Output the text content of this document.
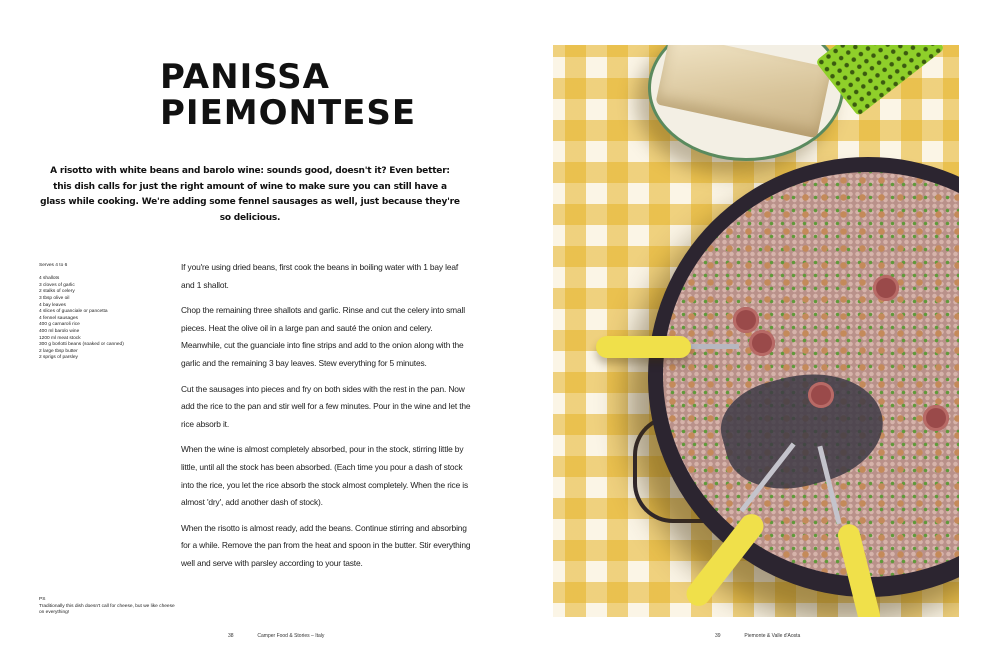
PANISSA
PIEMONTESE
A risotto with white beans and barolo wine: sounds good, doesn't it? Even better: this dish calls for just the right amount of wine to make sure you can still have a glass while cooking. We're adding some fennel sausages as well, just because they're so delicious.
Serves 4 to 6
4 shallots
3 cloves of garlic
2 stalks of celery
3 tbsp olive oil
4 bay leaves
4 slices of guanciale or pancetta
4 fennel sausages
400 g carnaroli rice
400 ml barolo wine
1200 ml meat stock
300 g borlotti beans (soaked or canned)
2 large tbsp butter
2 sprigs of parsley

If you're using dried beans, first cook the beans in boiling water with 1 bay leaf and 1 shallot.

Chop the remaining three shallots and garlic. Rinse and cut the celery into small pieces. Heat the olive oil in a large pan and sauté the onion and celery. Meanwhile, cut the guanciale into fine strips and add to the onion along with the garlic and the remaining 3 bay leaves. Stew everything for 5 minutes.

Cut the sausages into pieces and fry on both sides with the rest in the pan. Now add the rice to the pan and stir well for a few minutes. Pour in the wine and let the rice absorb it.

When the wine is almost completely absorbed, pour in the stock, stirring little by little, until all the stock has been absorbed. (Each time you pour a dash of stock into the rice, you let the rice absorb the stock almost completely. When the rice is almost 'dry', add another dash of stock).

When the risotto is almost ready, add the beans. Continue stirring and absorbing for a while. Remove the pan from the heat and spoon in the butter. Stir everything well and serve with parsley according to your taste.

PS
Traditionally this dish doesn't call for cheese, but we like cheese on everything!
38	Camper Food & Stories – Italy	39	Piemonte & Valle d'Aosta
